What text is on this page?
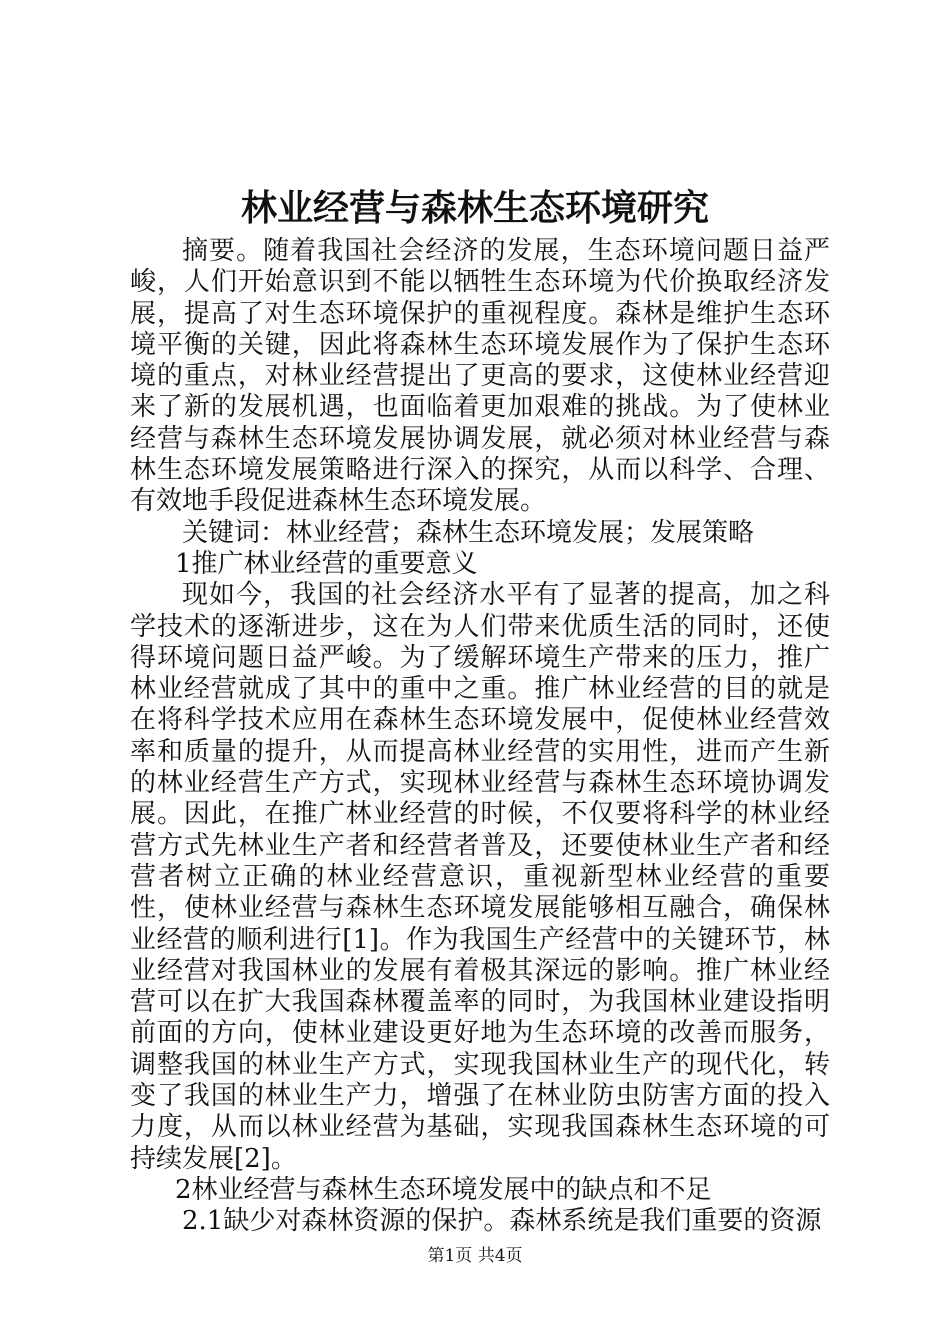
林业经营与森林生态环境研究

摘要。随着我国社会经济的发展，生态环境问题日益严峻，人们开始意识到不能以牺牲生态环境为代价换取经济发展，提高了对生态环境保护的重视程度。森林是维护生态环境平衡的关键，因此将森林生态环境发展作为了保护生态环境的重点，对林业经营提出了更高的要求，这使林业经营迎来了新的发展机遇，也面临着更加艰难的挑战。为了使林业经营与森林生态环境发展协调发展，就必须对林业经营与森林生态环境发展策略进行深入的探究，从而以科学、合理、有效地手段促进森林生态环境发展。

关键词：林业经营；森林生态环境发展；发展策略

1推广林业经营的重要意义

现如今，我国的社会经济水平有了显著的提高，加之科学技术的逐渐进步，这在为人们带来优质生活的同时，还使得环境问题日益严峻。为了缓解环境生产带来的压力，推广林业经营就成了其中的重中之重。推广林业经营的目的就是在将科学技术应用在森林生态环境发展中，促使林业经营效率和质量的提升，从而提高林业经营的实用性，进而产生新的林业经营生产方式，实现林业经营与森林生态环境协调发展。因此，在推广林业经营的时候，不仅要将科学的林业经营方式先林业生产者和经营者普及，还要使林业生产者和经营者树立正确的林业经营意识，重视新型林业经营的重要性，使林业经营与森林生态环境发展能够相互融合，确保林业经营的顺利进行[1]。作为我国生产经营中的关键环节，林业经营对我国林业的发展有着极其深远的影响。推广林业经营可以在扩大我国森林覆盖率的同时，为我国林业建设指明前面的方向，使林业建设更好地为生态环境的改善而服务，调整我国的林业生产方式，实现我国林业生产的现代化，转变了我国的林业生产力，增强了在林业防虫防害方面的投入力度，从而以林业经营为基础，实现我国森林生态环境的可持续发展[2]。

2林业经营与森林生态环境发展中的缺点和不足

2.1缺少对森林资源的保护。森林系统是我们重要的资源

第1页 共4页
